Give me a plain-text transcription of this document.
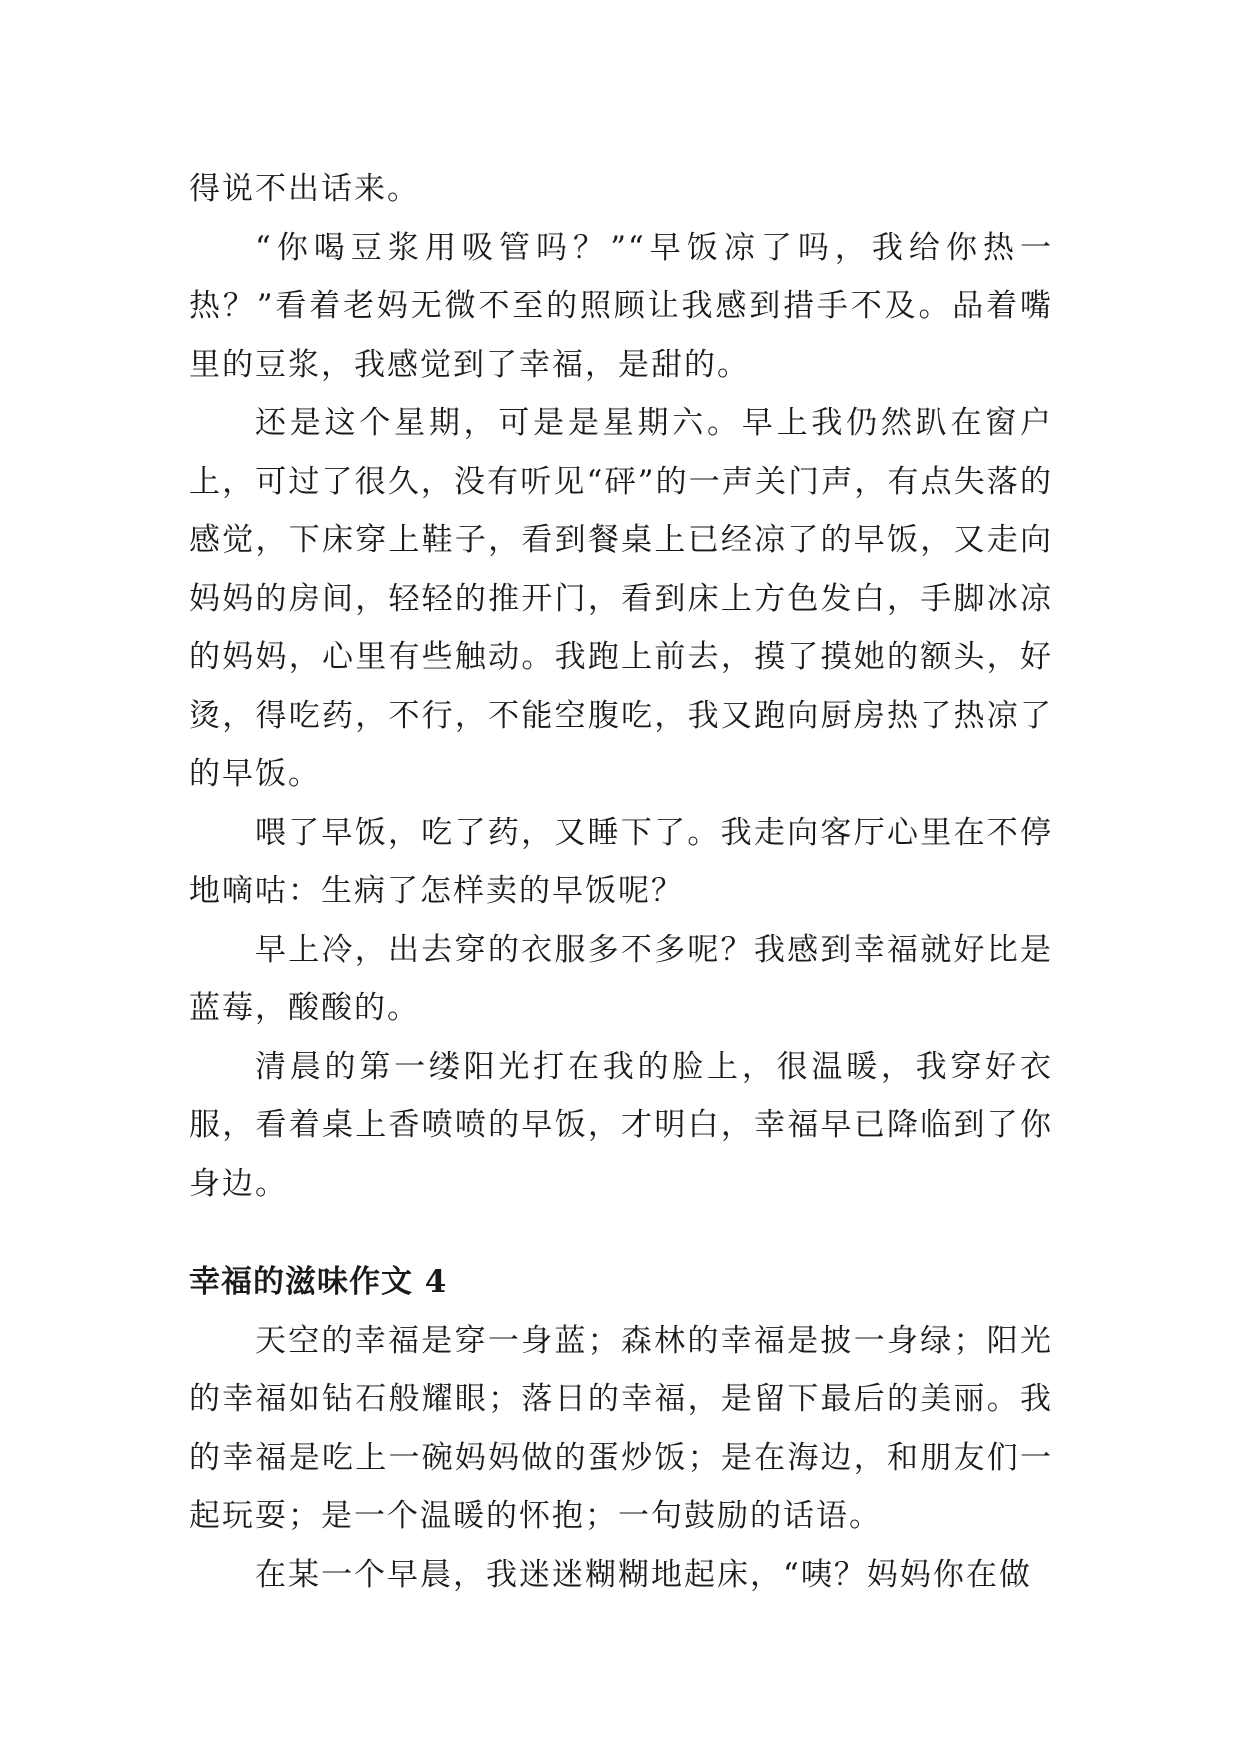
得说不出话来。

“你喝豆浆用吸管吗？”“早饭凉了吗，我给你热一热？”看着老妈无微不至的照顾让我感到措手不及。品着嘴里的豆浆，我感觉到了幸福，是甜的。

还是这个星期，可是是星期六。早上我仍然趴在窗户上，可过了很久，没有听见“砰”的一声关门声，有点失落的感觉，下床穿上鞋子，看到餐桌上已经凉了的早饭，又走向妈妈的房间，轻轻的推开门，看到床上方色发白，手脚冰凉的妈妈，心里有些触动。我跑上前去，摸了摸她的额头，好烫，得吃药，不行，不能空腹吃，我又跑向厨房热了热凉了的早饭。

喂了早饭，吃了药，又睡下了。我走向客厅心里在不停地嘀咕：生病了怎样卖的早饭呢？

早上冷，出去穿的衣服多不多呢？我感到幸福就好比是蓝莓，酸酸的。

清晨的第一缕阳光打在我的脸上，很温暖，我穿好衣服，看着桌上香喷喷的早饭，才明白，幸福早已降临到了你身边。

幸福的滋味作文 4

天空的幸福是穿一身蓝；森林的幸福是披一身绿；阳光的幸福如钻石般耀眼；落日的幸福，是留下最后的美丽。我的幸福是吃上一碗妈妈做的蛋炒饭；是在海边，和朋友们一起玩耍；是一个温暖的怀抱；一句鼓励的话语。

在某一个早晨，我迷迷糊糊地起床，“咦？妈妈你在做
